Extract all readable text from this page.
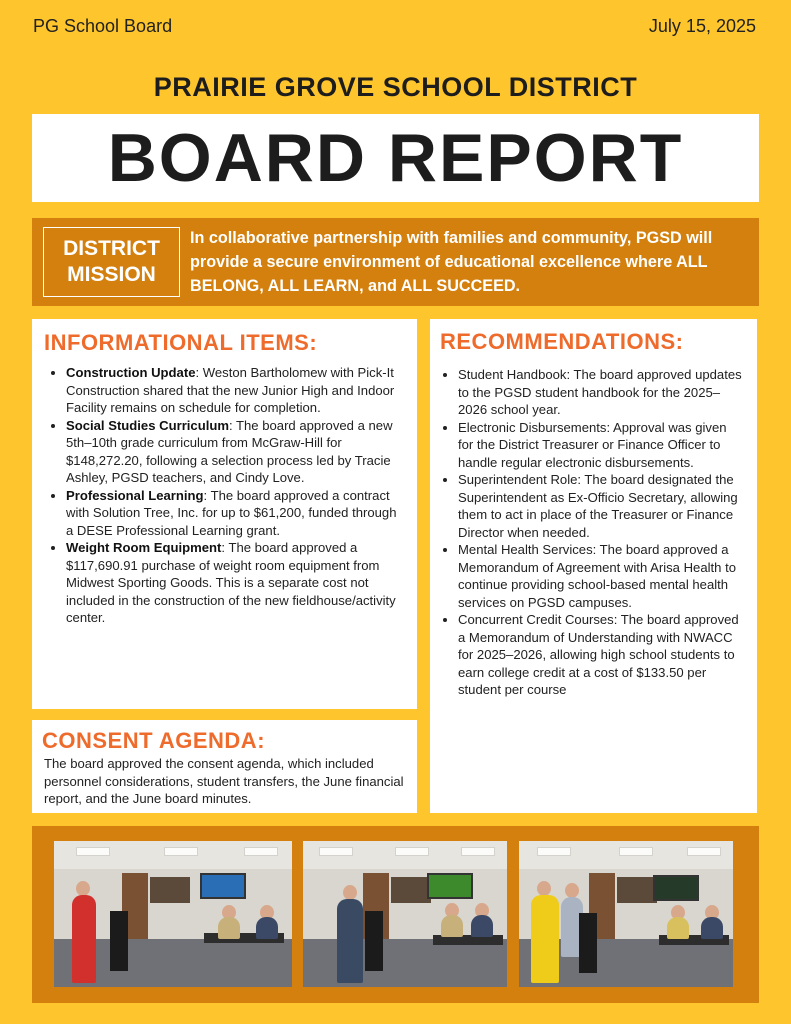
PG School Board	July 15, 2025
PRAIRIE GROVE SCHOOL DISTRICT
BOARD REPORT
DISTRICT
MISSION
In collaborative partnership with families and community, PGSD will provide a secure environment of educational excellence where ALL BELONG, ALL LEARN, and ALL SUCCEED.
INFORMATIONAL ITEMS:
• Construction Update: Weston Bartholomew with Pick-It Construction shared that the new Junior High and Indoor Facility remains on schedule for completion.
• Social Studies Curriculum: The board approved a new 5th–10th grade curriculum from McGraw-Hill for $148,272.20, following a selection process led by Tracie Ashley, PGSD teachers, and Cindy Love.
• Professional Learning: The board approved a contract with Solution Tree, Inc. for up to $61,200, funded through a DESE Professional Learning grant.
• Weight Room Equipment: The board approved a $117,690.91 purchase of weight room equipment from Midwest Sporting Goods. This is a separate cost not included in the construction of the new fieldhouse/activity center.
CONSENT AGENDA:

The board approved the consent agenda, which included personnel considerations, student transfers, the June financial report, and the June board minutes.

RECOMMENDATIONS:
• Student Handbook: The board approved updates to the PGSD student handbook for the 2025–2026 school year.
• Electronic Disbursements: Approval was given for the District Treasurer or Finance Officer to handle regular electronic disbursements.
• Superintendent Role: The board designated the Superintendent as Ex-Officio Secretary, allowing them to act in place of the Treasurer or Finance Director when needed.
• Mental Health Services: The board approved a Memorandum of Agreement with Arisa Health to continue providing school-based mental health services on PGSD campuses.
• Concurrent Credit Courses: The board approved a Memorandum of Understanding with NWACC for 2025–2026, allowing high school students to earn college credit at a cost of $133.50 per student per course
